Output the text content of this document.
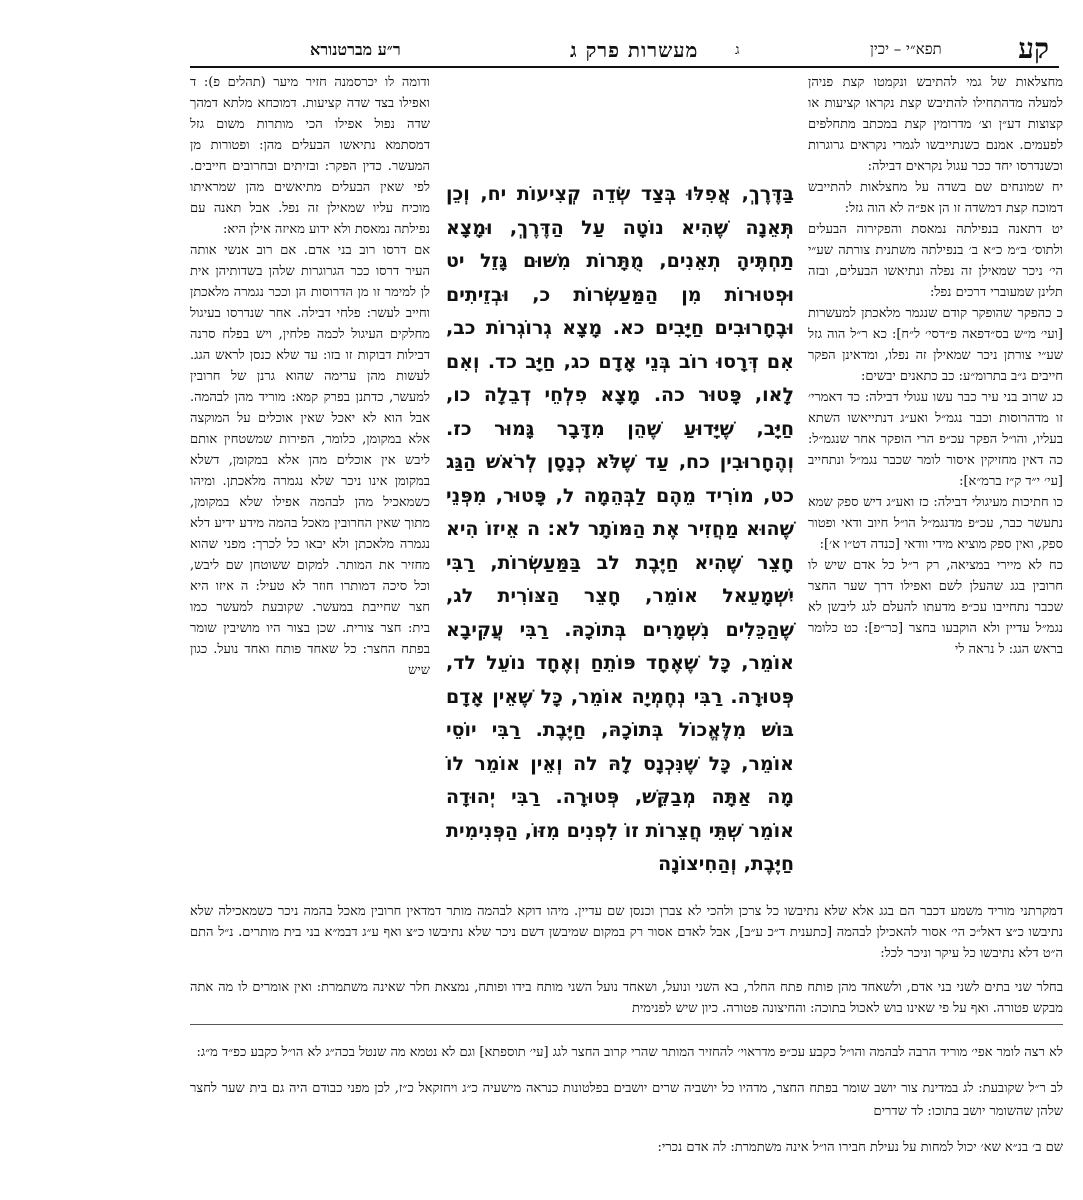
קע
תפא״י – יכין
ג
מעשרות פרק ג
ר״ע מברטנורא

מחצלאות של גמי להתיבש ונקמטו קצת פניהן למעלה מדהתחילו להתיבש קצת נקראו קציעות או קצוצות דע״ן וצ׳ מדרומין קצת במכתב מתחלפים לפעמים. אמנם כשנתייבשו לגמרי נקראים גרוגרות וכשנדרסו יחד ככר עגול נקראים דבילה:

יח שמונחים שם בשדה על מחצלאות להתייבש דמוכח קצת דמשדה זו הן אפ״ה לא הוה גזל:

יט דתאנה בנפילתה נמאסת והפקירוה הבעלים ולתוס׳ ב״מ כ״א ב׳ בנפילתה משתנית צורתה שע״י הי׳ ניכר שמאילן זה נפלה ונתיאשו הבעלים, ובזה תלינן שמעוברי דרכים נפל:

כ כהפקר שהופקר קודם שנגמר מלאכתן למעשרות [ועי׳ מ״ש בס״דפאה פ״דסי׳ ל״ח]: כא ר״ל הוה גזל שע״י צורתן ניכר שמאילן זה נפלו, ומדאינן הפקר חייבים ג״ב בתרומ״ע: כב כתאנים יבשים:

כג שרוב בני עיר כבר עשו עגולי דבילה: כד דאמרי׳ זו מדהרוסות וכבר נגמ״ל ואע״ג דנתייאשו השתא בעליו, והו״ל הפקר עכ״פ הרי הופקר אחר שנגמ״ל: כה דאין מחזיקין איסור לומר שכבר נגמ״ל ונתחייב [עי׳ י״ד ק״ז ברמ״א]:

כו חתיכות מעיגולי דבילה: כז ואע״ג דיש ספק שמא נתעשר כבר, עכ״פ מדנגמ״ל הו״ל חיוב ודאי ופטור ספק, ואין ספק מוציא מידי וודאי [כנדה דט״ו א׳]:

כח לא מיירי במציאה, רק ר״ל כל אדם שיש לו חרובין בגג שהעלן לשם ואפילו דרך שער החצר שכבר נתחייבו עכ״פ מדעתו להעלם לגג ליבשן לא נגמ״ל עדיין ולא הוקבעו בחצר [כר״פ]: כט כלומר בראש הגג: ל נראה לי

בַּדֶּרֶךְ, אֲפִלּוּ בְּצַד שְׂדֵה קְצִיעוֹת יח, וְכֵן תְּאֵנָה שֶׁהִיא נוֹטָה עַל הַדֶּרֶךְ, וּמָצָא תַחְתֶּיהָ תְאֵנִים, מֻתָּרוֹת מִשּׁוּם גָּזֵל יט וּפְטוּרוֹת מִן הַמַּעַשְׂרוֹת כ, וּבְזֵיתִים וּבֶחָרוּבִים חַיָּבִים כא. מָצָא גְרוֹגְרוֹת כב, אִם דְּרָסוּ רוֹב בְּנֵי אָדָם כג, חַיָּב כד. וְאִם לָאו, פָּטוּר כה. מָצָא פִלְחֵי דְבֵלָה כו, חַיָּב, שֶׁיָּדוּעַ שֶׁהֵן מִדָּבָר גָּמוּר כז. וְהֶחָרוּבִין כח, עַד שֶׁלֹּא כְנָסָן לְרֹאשׁ הַגַּג כט, מוֹרִיד מֵהֶם לַבְּהֵמָה ל, פָּטוּר, מִפְּנֵי שֶׁהוּא מַחֲזִיר אֶת הַמּוֹתָר לא: ה אֵיזוֹ הִיא חָצֵר שֶׁהִיא חַיֶּבֶת לב בַּמַּעַשְׂרוֹת, רַבִּי יִשְׁמָעֵאל אוֹמֵר, חָצֵר הַצּוֹרִית לג, שֶׁהַכֵּלִים נִשְׁמָרִים בְּתוֹכָהּ. רַבִּי עֲקִיבָא אוֹמֵר, כָּל שֶׁאֶחָד פּוֹתֵחַ וְאֶחָד נוֹעֵל לד, פְּטוּרָה. רַבִּי נְחֶמְיָה אוֹמֵר, כָּל שֶׁאֵין אָדָם בּוֹשׁ מִלֶּאֱכוֹל בְּתוֹכָהּ, חַיֶּבֶת. רַבִּי יוֹסֵי אוֹמֵר, כָּל שֶׁנִּכְנָס לָהּ לה וְאֵין אוֹמֵר לוֹ מָה אַתָּה מְבַקֵּשׁ, פְּטוּרָה. רַבִּי יְהוּדָה אוֹמֵר שְׁתֵּי חֲצֵרוֹת זוֹ לִפְנִים מִזּוֹ, הַפְּנִימִית חַיֶּבֶת, וְהַחִיצוֹנָה

ודומה לו יכרסמנה חזיר מיער (תהלים פ): ד ואפילו בצד שדה קציעות. דמוכחא מלתא דמהך שדה נפול אפילו הכי מותרות משום גזל דמסתמא נתיאשו הבעלים מהן: ופטורות מן המעשר. כדין הפקר: ובזיתים ובחרובים חייבים. לפי שאין הבעלים מתיאשים מהן שמראיתו מוכיח עליו שמאילן זה נפל. אבל תאנה עם נפילתה נמאסת ולא ידוע מאיזה אילן היא:

אם דרסו רוב בני אדם. אם רוב אנשי אותה העיר דרסו ככר הגרוגרות שלהן בשדותיהן אית לן למימר זו מן הדרוסות הן וככר נגמרה מלאכתן וחייב לעשר: פלחי דבילה. אחר שנדרסו בעיגול מחלקים העיגול לכמה פלחין, ויש בפלח סרנה דבילות דבוקות זו בזו: עד שלא כנסן לראש הגג. לעשות מהן ערימה שהוא גרנן של חרובין למעשר, כדתנן בפרק קמא: מוריד מהן לבהמה. אבל הוא לא יאכל שאין אוכלים על המוקצה אלא במקומן, כלומר, הפירות שמשטחין אותם ליבש אין אוכלים מהן אלא במקומן, דשלא במקומן אינו ניכר שלא נגמרה מלאכתן. ומיהו כשמאכיל מהן לבהמה אפילו שלא במקומן, מתוך שאין החרובין מאכל בהמה מידע ידיע דלא נגמרה מלאכתן ולא יבאו כל לכרך: מפני שהוא מחזיר את המותר. למקום ששוטחן שם ליבש, וכל סיכה דמותרו חוזר לא טעיל: ה איזו היא חצר שחייבת במעשר. שקובעת למעשר כמו בית: חצר צורית. שכן בצור היו מושיבין שומר בפתח החצר: כל שאחד פותח ואחד נועל. כגון שיש

דמקרתני מוריד משמע דכבר הם בגג אלא שלא נתיבשו כל צרכן ולהכי לא צברן וכנסן שם עדיין. מיהו דוקא לבהמה מותר דמדאין חרובין מאכל בהמה ניכר כשמאכילה שלא נתיבשו כ״צ דאל״כ הי׳ אסור להאכילן לבהמה [כתענית ד״כ ע״ב], אבל לאדם אסור רק במקום שמיבשן דשם ניכר שלא נתיבשו כ״צ ואף ע״ג דבמ״א בני בית מותרים. נ״ל התם ה״ט דלא נתיבשו כל עיקר וניכר לכל:

בחלר שני בתים לשני בני אדם, ולשאחד מהן פותח פתח החלר, בא השני ונועל, ושאחד נועל השני מותח בידו ופותח, נמצאת חלר שאינה משתמרת: ואין אומרים לו מה אתה מבקש פטורה. ואף על פי שאינו בוש לאכול בתוכה: והחיצונה פטורה. כיון שיש לפנימית

לא רצה לומר אפי׳ מוריד הרבה לבהמה והו״ל כקבע עכ״פ מדראוי׳ להחזיר המותר שהרי קרוב החצר לגג [עי׳ תוספתא] וגם לא נטמא מה שנטל בכה״ג לא הו״ל כקבע כפ״ד מ״ג:

לב ר״ל שקובעת: לג במדינת צור יושב שומר בפתח החצר, מדהיו כל יושביה שרים יושבים בפלטונות כנראה מישעיה כ״ג ויחזקאל כ״ז, לכן מפני כבודם היה גם בית שער לחצר שלהן שהשומר יושב בתוכו: לד שדרים

שם ב׳ בנ״א שא׳ יכול למחות על נעילת חבירו הו״ל אינה משתמרת: לה אדם נכרי:
